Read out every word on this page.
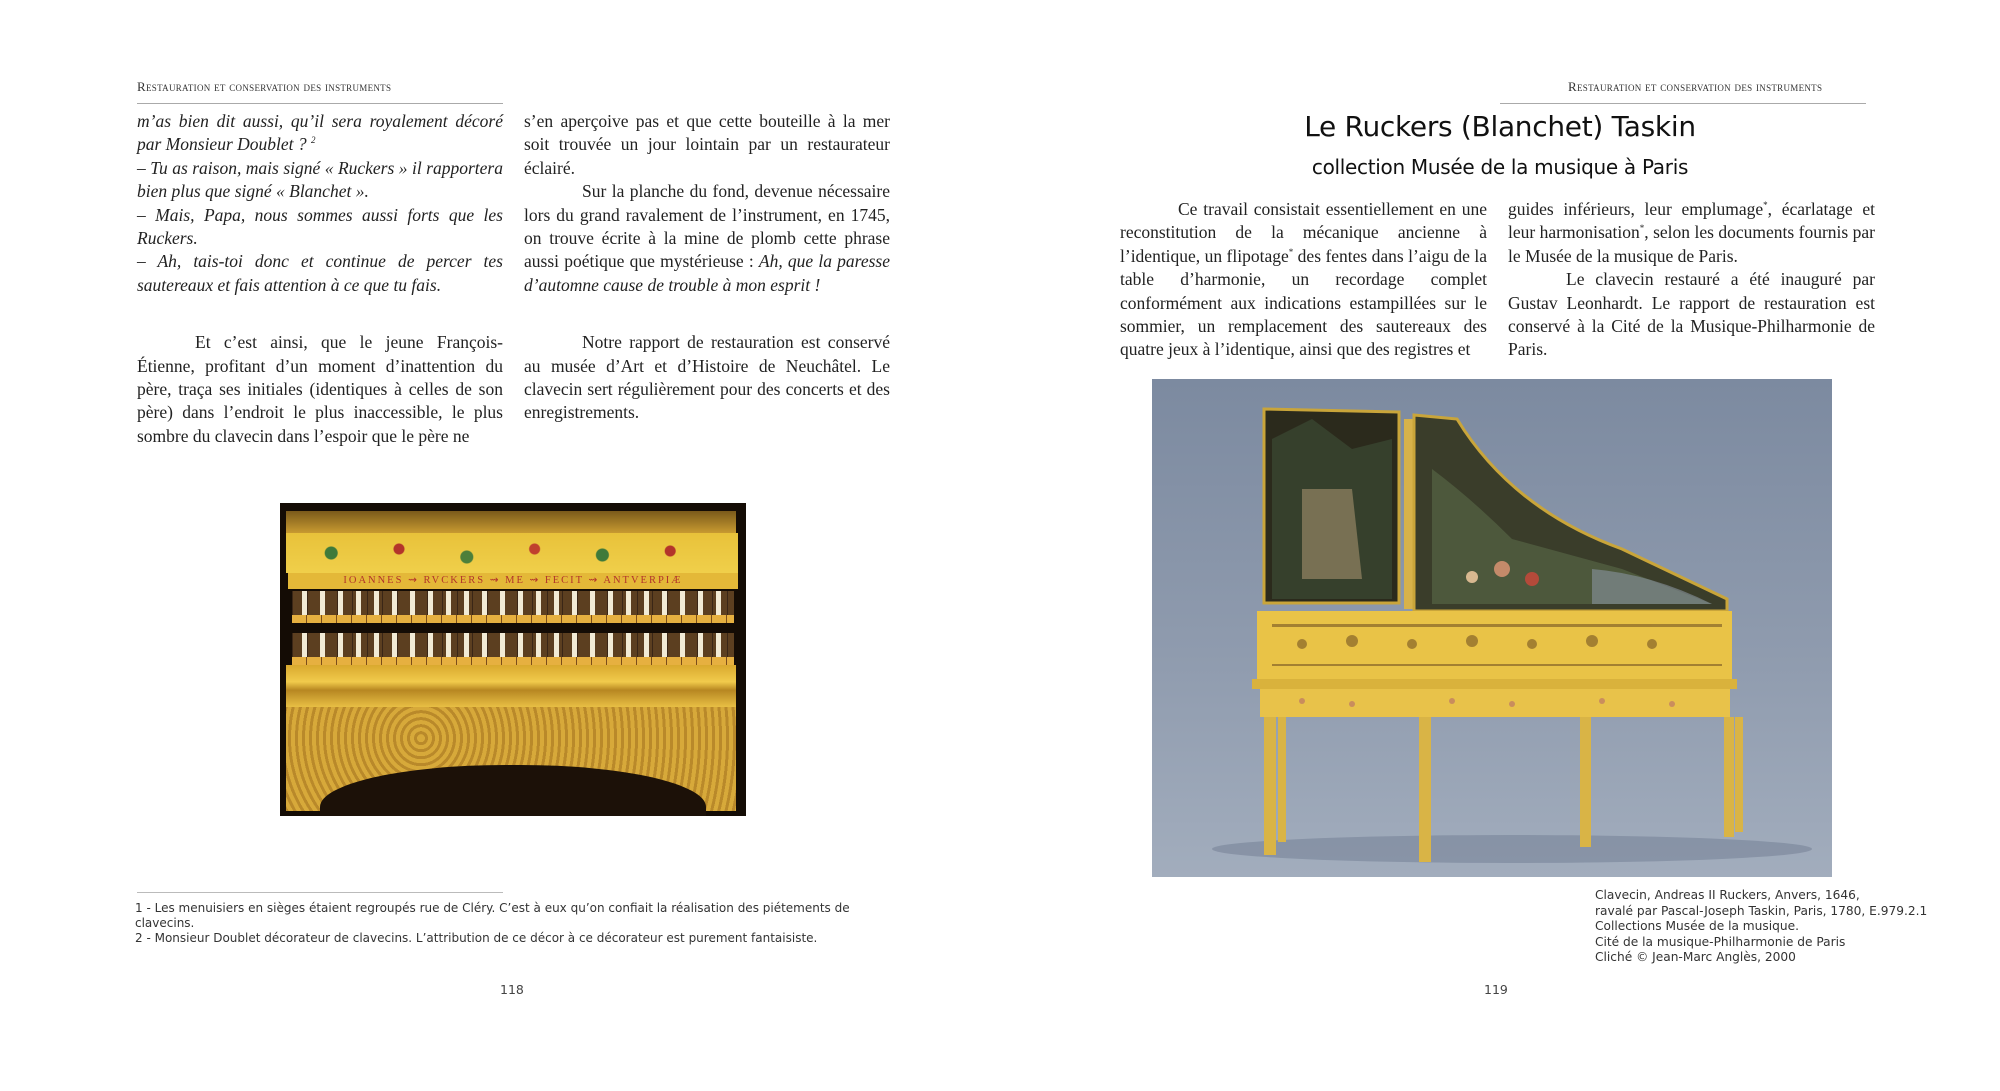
Restauration et conservation des instruments

m’as bien dit aussi, qu’il sera royalement décoré par Monsieur Doublet ? $^2$

– Tu as raison, mais signé « Ruckers » il rapportera bien plus que signé « Blanchet ».

– Mais, Papa, nous sommes aussi forts que les Ruckers.

– Ah, tais-toi donc et continue de percer tes sautereaux et fais attention à ce que tu fais.

Et c’est ainsi, que le jeune François-Étienne, profitant d’un moment d’inattention du père, traça ses initiales (identiques à celles de son père) dans l’endroit le plus inaccessible, le plus sombre du clavecin dans l’espoir que le père ne

s’en aperçoive pas et que cette bouteille à la mer soit trouvée un jour lointain par un restaurateur éclairé.

Sur la planche du fond, devenue nécessaire lors du grand ravalement de l’instrument, en 1745, on trouve écrite à la mine de plomb cette phrase aussi poétique que mystérieuse : Ah, que la paresse d’automne cause de trouble à mon esprit !

Notre rapport de restauration est conservé au musée d’Art et d’Histoire de Neuchâtel. Le clavecin sert régulièrement pour des concerts et des enregistrements.

IOANNES ⇝ RVCKERS ⇝ ME ⇝ FECIT ⇝ ANTVERPIÆ
1 - Les menuisiers en sièges étaient regroupés rue de Cléry. C’est à eux qu’on confiait la réalisation des piétements de clavecins.
2 - Monsieur Doublet décorateur de clavecins. L’attribution de ce décor à ce décorateur est purement fantaisiste.
118
Restauration et conservation des instruments
Le Ruckers (Blanchet) Taskin
collection Musée de la musique à Paris

Ce travail consistait essentiellement en une reconstitution de la mécanique ancienne à l’identique, un flipotage* des fentes dans l’aigu de la table d’harmonie, un recordage complet conformément aux indications estampillées sur le sommier, un remplacement des sautereaux des quatre jeux à l’identique, ainsi que des registres et

guides inférieurs, leur emplumage*, écarlatage et leur harmonisation*, selon les documents fournis par le Musée de la musique de Paris.

Le clavecin restauré a été inauguré par Gustav Leonhardt. Le rapport de restauration est conservé à la Cité de la Musique-Philharmonie de Paris.

Clavecin, Andreas II Ruckers, Anvers, 1646,
ravalé par Pascal-Joseph Taskin, Paris, 1780, E.979.2.1
Collections Musée de la musique.
Cité de la musique-Philharmonie de Paris
Cliché © Jean-Marc Anglès, 2000
119
